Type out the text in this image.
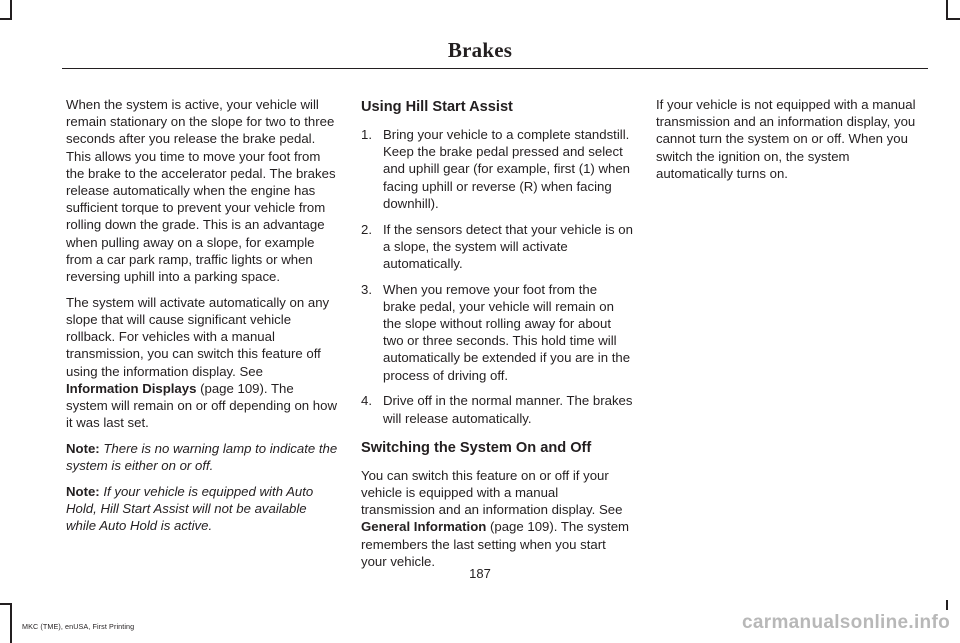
Brakes

When the system is active, your vehicle will remain stationary on the slope for two to three seconds after you release the brake pedal. This allows you time to move your foot from the brake to the accelerator pedal. The brakes release automatically when the engine has sufficient torque to prevent your vehicle from rolling down the grade. This is an advantage when pulling away on a slope, for example from a car park ramp, traffic lights or when reversing uphill into a parking space.

The system will activate automatically on any slope that will cause significant vehicle rollback. For vehicles with a manual transmission, you can switch this feature off using the information display. See Information Displays (page 109). The system will remain on or off depending on how it was last set.

Note: There is no warning lamp to indicate the system is either on or off.

Note: If your vehicle is equipped with Auto Hold, Hill Start Assist will not be available while Auto Hold is active.

Using Hill Start Assist
1. Bring your vehicle to a complete standstill. Keep the brake pedal pressed and select and uphill gear (for example, first (1) when facing uphill or reverse (R) when facing downhill).
2. If the sensors detect that your vehicle is on a slope, the system will activate automatically.
3. When you remove your foot from the brake pedal, your vehicle will remain on the slope without rolling away for about two or three seconds. This hold time will automatically be extended if you are in the process of driving off.
4. Drive off in the normal manner. The brakes will release automatically.
Switching the System On and Off

You can switch this feature on or off if your vehicle is equipped with a manual transmission and an information display. See General Information (page 109). The system remembers the last setting when you start your vehicle.

If your vehicle is not equipped with a manual transmission and an information display, you cannot turn the system on or off. When you switch the ignition on, the system automatically turns on.

187
MKC (TME), enUSA, First Printing	carmanualsonline.info
